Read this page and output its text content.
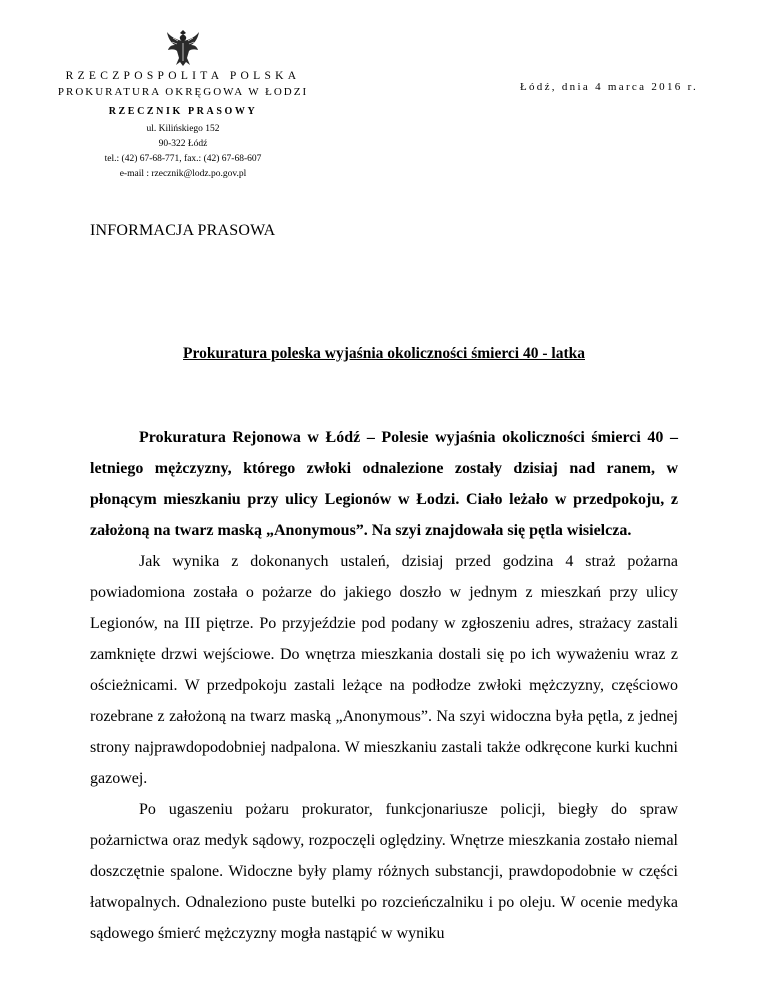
RZECZPOSPOLITA POLSKA
PROKURATURA OKRĘGOWA W ŁODZI
RZECZNIK PRASOWY
ul. Kilińskiego 152
90-322 Łódź
tel.: (42) 67-68-771, fax.: (42) 67-68-607
e-mail : rzecznik@lodz.po.gov.pl
Łódź, dnia 4 marca 2016 r.
INFORMACJA PRASOWA
Prokuratura poleska wyjaśnia okoliczności śmierci 40 - latka

Prokuratura Rejonowa w Łódź – Polesie wyjaśnia okoliczności śmierci 40 – letniego mężczyzny, którego zwłoki odnalezione zostały dzisiaj nad ranem, w płonącym mieszkaniu przy ulicy Legionów w Łodzi. Ciało leżało w przedpokoju, z założoną na twarz maską „Anonymous”. Na szyi znajdowała się pętla wisielcza.

Jak wynika z dokonanych ustaleń, dzisiaj przed godzina 4 straż pożarna powiadomiona została o pożarze do jakiego doszło w jednym z mieszkań przy ulicy Legionów, na III piętrze. Po przyjeździe pod podany w zgłoszeniu adres, strażacy zastali zamknięte drzwi wejściowe. Do wnętrza mieszkania dostali się po ich wyważeniu wraz z ościeżnicami. W przedpokoju zastali leżące na podłodze zwłoki mężczyzny, częściowo rozebrane z założoną na twarz maską „Anonymous”. Na szyi widoczna była pętla, z jednej strony najprawdopodobniej nadpalona. W mieszkaniu zastali także odkręcone kurki kuchni gazowej.

Po ugaszeniu pożaru prokurator, funkcjonariusze policji, biegły do spraw pożarnictwa oraz medyk sądowy, rozpoczęli oględziny. Wnętrze mieszkania zostało niemal doszczętnie spalone. Widoczne były plamy różnych substancji, prawdopodobnie w części łatwopalnych. Odnaleziono puste butelki po rozcieńczalniku i po oleju. W ocenie medyka sądowego śmierć mężczyzny mogła nastąpić w wyniku
